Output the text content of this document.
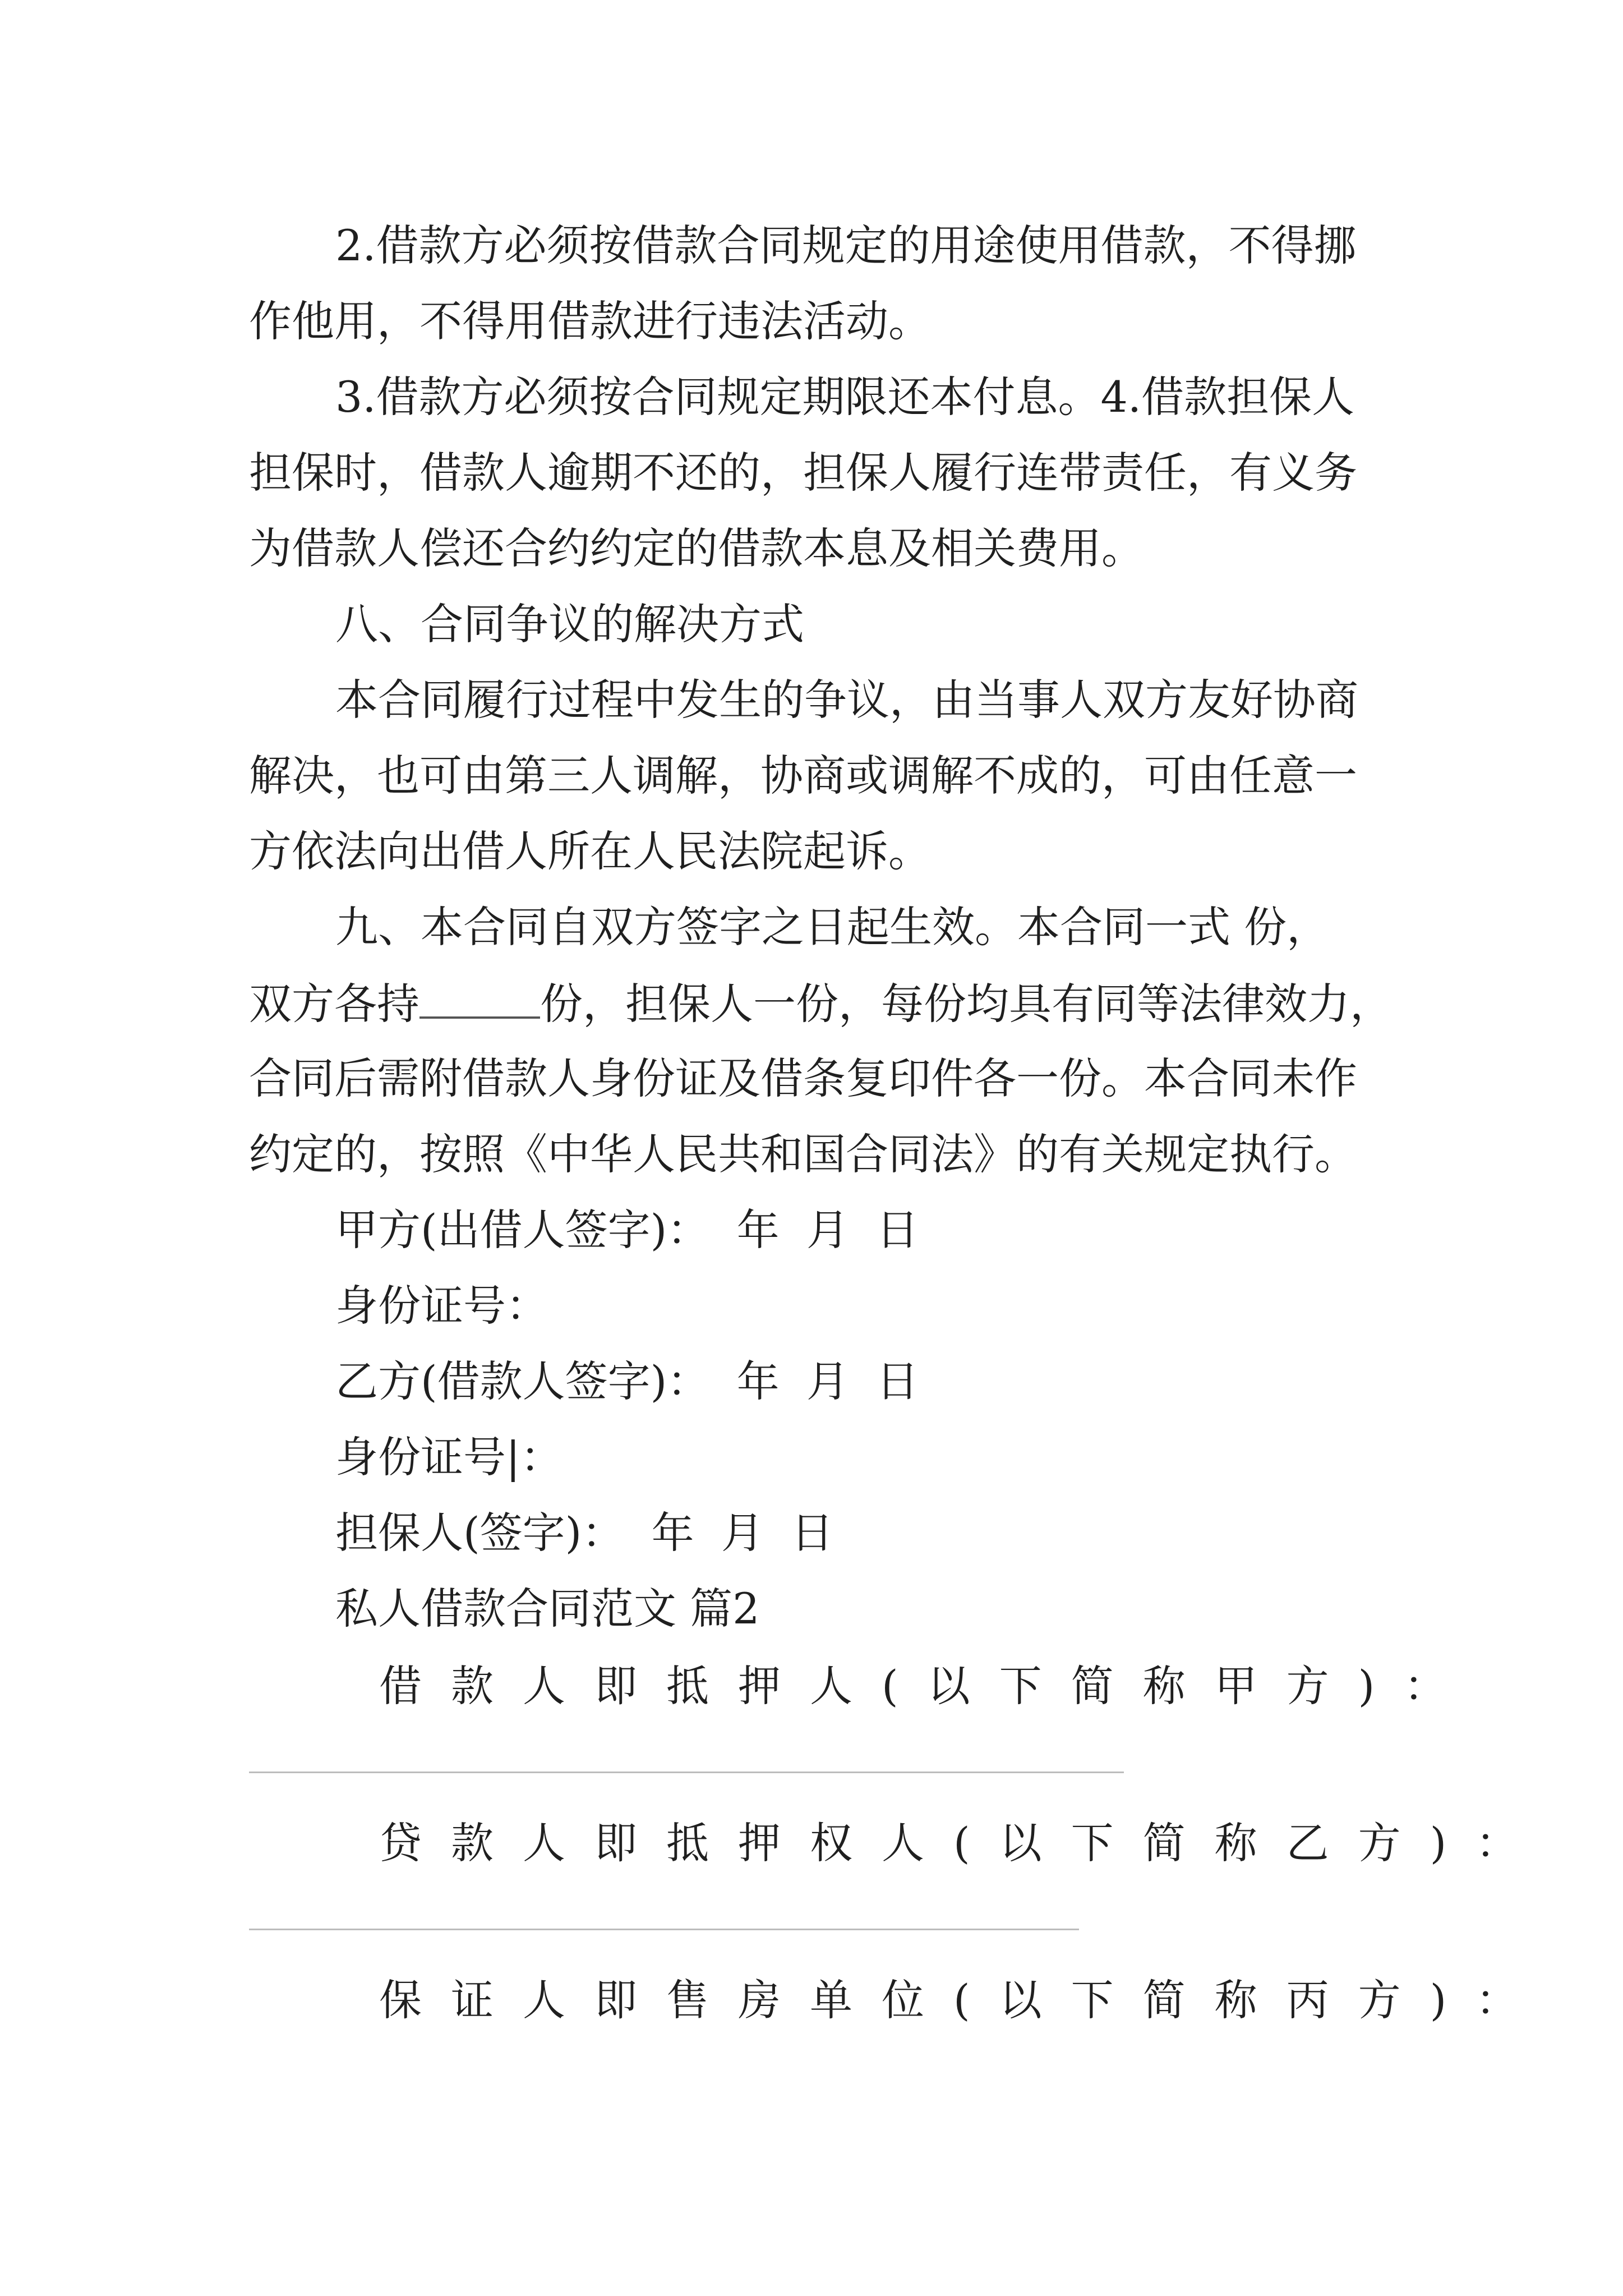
2.借款方必须按借款合同规定的用途使用借款，不得挪
作他用，不得用借款进行违法活动。
3.借款方必须按合同规定期限还本付息。4.借款担保人
担保时，借款人逾期不还的，担保人履行连带责任，有义务
为借款人偿还合约约定的借款本息及相关费用。
八、合同争议的解决方式
本合同履行过程中发生的争议，由当事人双方友好协商
解决，也可由第三人调解，协商或调解不成的，可由任意一
方依法向出借人所在人民法院起诉。
九、本合同自双方签字之日起生效。本合同一式 份，
双方各持	份，担保人一份，每份均具有同等法律效力，
合同后需附借款人身份证及借条复印件各一份。本合同未作
约定的，按照《中华人民共和国合同法》的有关规定执行。
甲方(出借人签字)：  年  月  日
身份证号：
乙方(借款人签字)：  年  月  日
身份证号|：
担保人(签字)：  年  月  日
私人借款合同范文 篇2
借款人即抵押人(以下简称甲方)：
贷款人即抵押权人(以下简称乙方)：
保证人即售房单位(以下简称丙方)：
